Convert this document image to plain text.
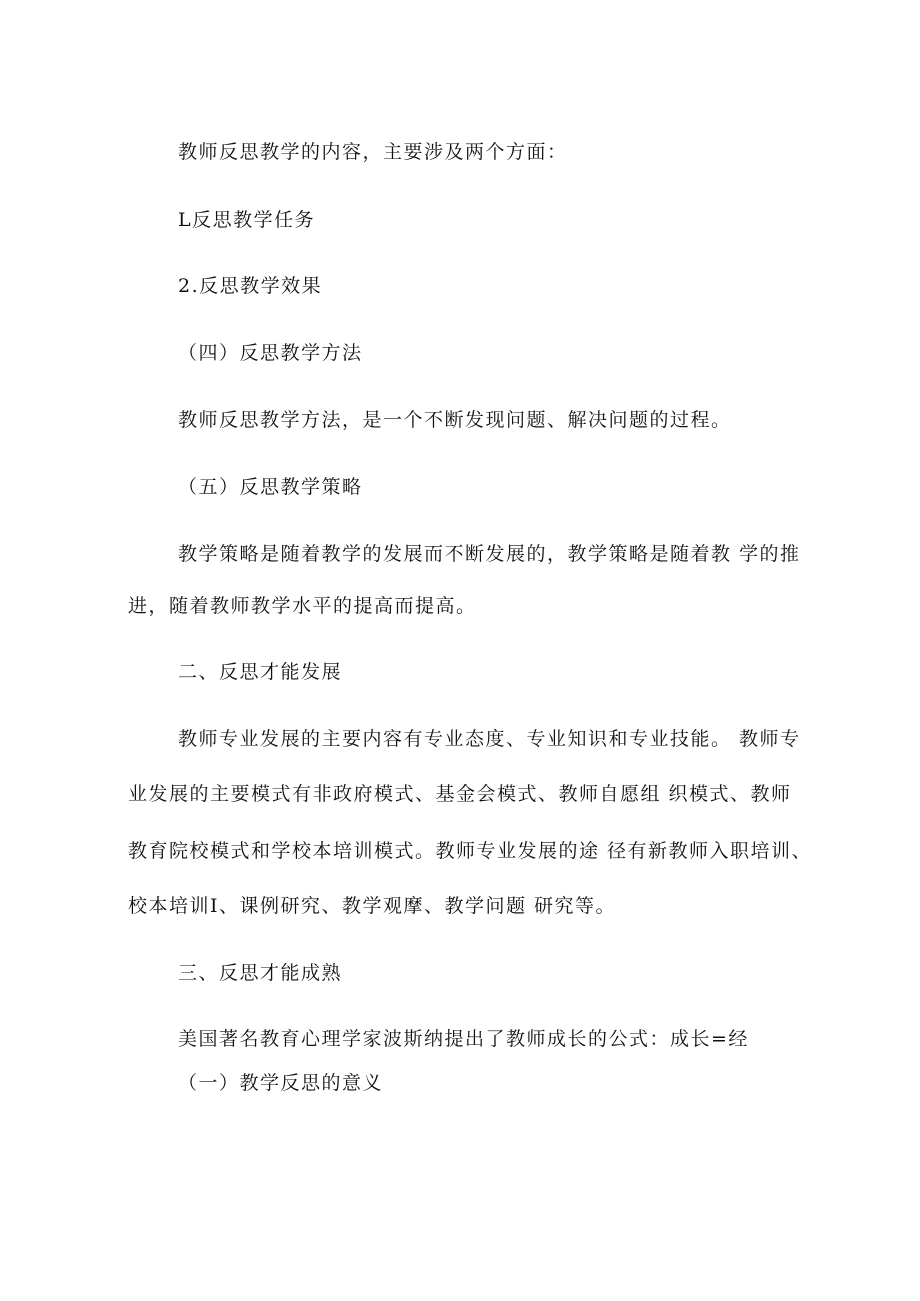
教师反思教学的内容，主要涉及两个方面：
L反思教学任务
2.反思教学效果
（四）反思教学方法
教师反思教学方法，是一个不断发现问题、解决问题的过程。
（五）反思教学策略
教学策略是随着教学的发展而不断发展的，教学策略是随着教 学的推
进，随着教师教学水平的提高而提高。
二、反思才能发展
教师专业发展的主要内容有专业态度、专业知识和专业技能。 教师专
业发展的主要模式有非政府模式、基金会模式、教师自愿组 织模式、教师
教育院校模式和学校本培训模式。教师专业发展的途 径有新教师入职培训、
校本培训I、课例研究、教学观摩、教学问题 研究等。
三、反思才能成熟
美国著名教育心理学家波斯纳提出了教师成长的公式：成长=经
（一）教学反思的意义
